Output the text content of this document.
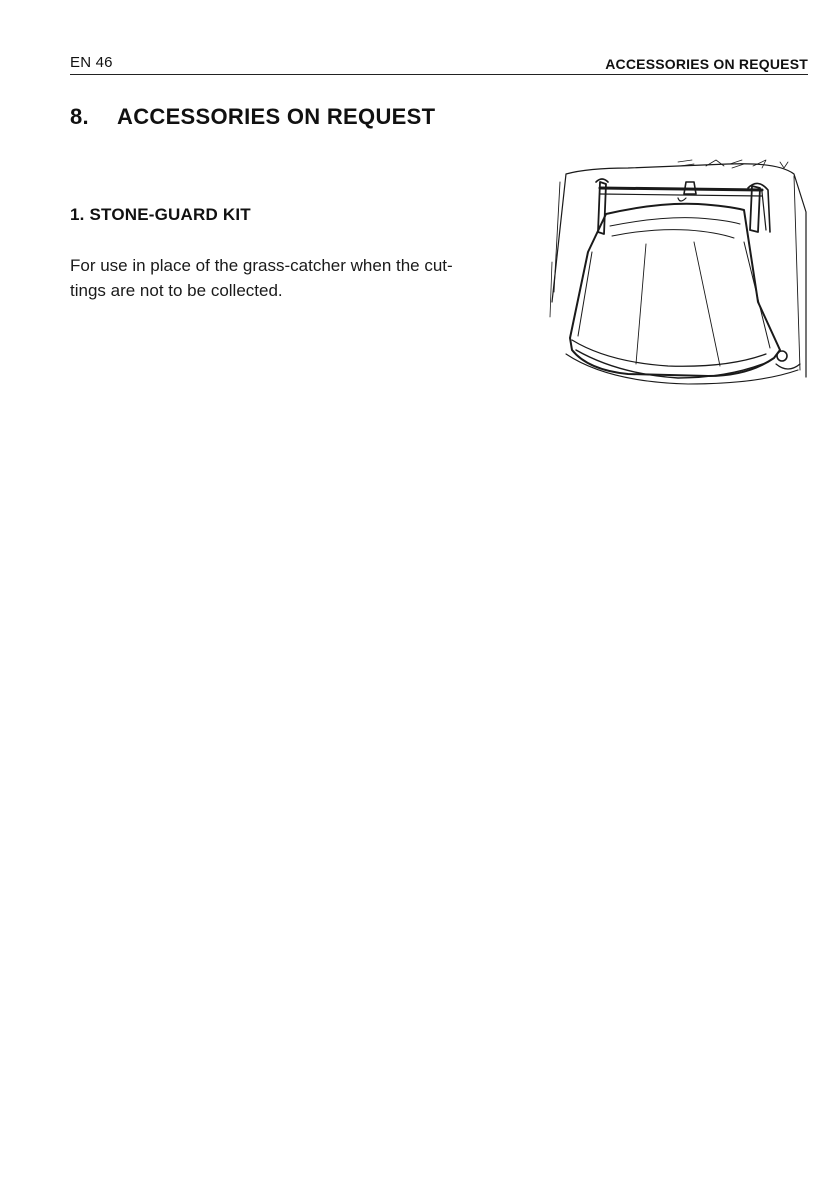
EN 46	ACCESSORIES ON REQUEST
8. ACCESSORIES ON REQUEST
1. STONE-GUARD KIT

For use in place of the grass-catcher when the cut-
tings are not to be collected.
